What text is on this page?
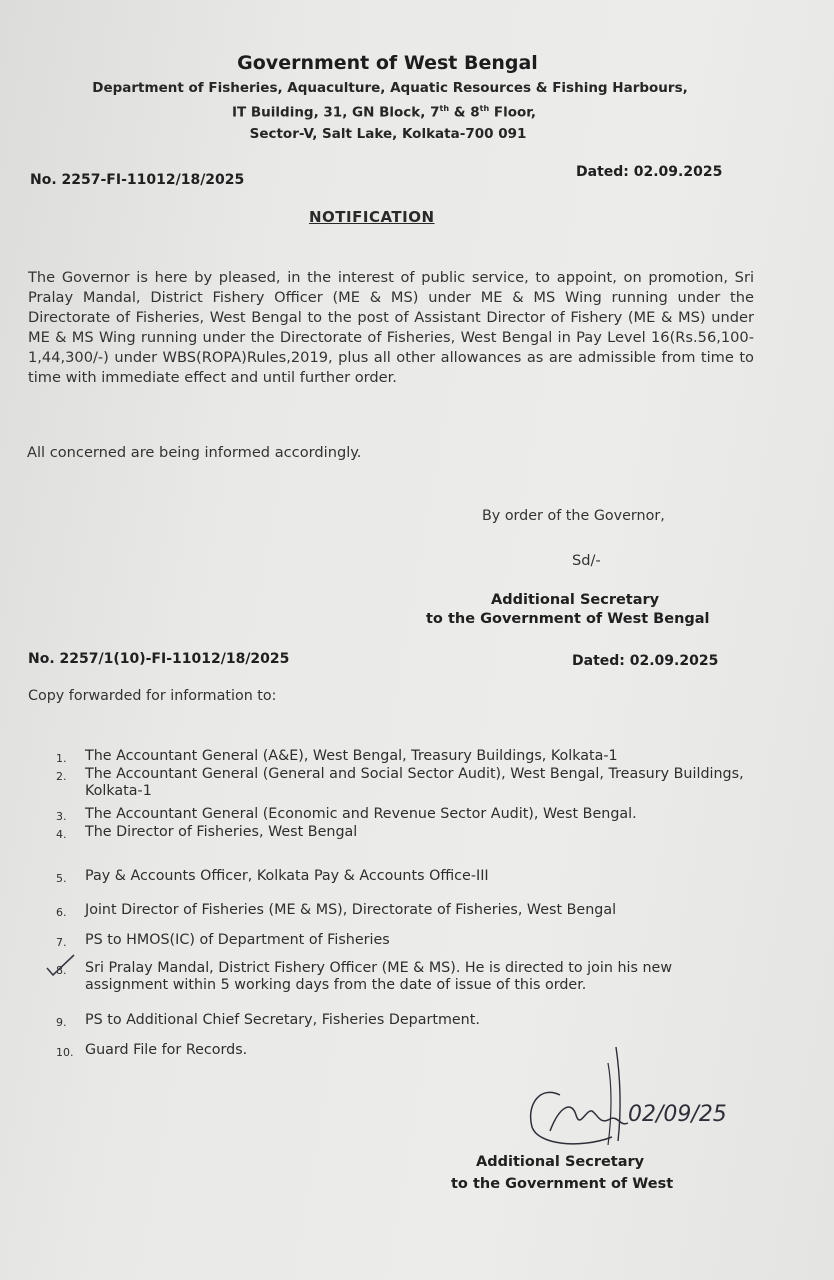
Government of West Bengal
Department of Fisheries, Aquaculture, Aquatic Resources & Fishing Harbours,
IT Building, 31, GN Block, 7th & 8th Floor,
Sector-V, Salt Lake, Kolkata-700 091
No. 2257-FI-11012/18/2025	Dated: 02.09.2025
NOTIFICATION
The Governor is here by pleased, in the interest of public service, to appoint, on promotion, Sri Pralay Mandal, District Fishery Officer (ME & MS) under ME & MS Wing running under the Directorate of Fisheries, West Bengal to the post of Assistant Director of Fishery (ME & MS) under ME & MS Wing running under the Directorate of Fisheries, West Bengal in Pay Level 16(Rs.56,100-1,44,300/-) under WBS(ROPA)Rules,2019, plus all other allowances as are admissible from time to time with immediate effect and until further order.
All concerned are being informed accordingly.
By order of the Governor,
Sd/-
Additional Secretary
to the Government of West Bengal
No. 2257/1(10)-FI-11012/18/2025	Dated: 02.09.2025
Copy forwarded for information to:
1.	The Accountant General (A&E), West Bengal, Treasury Buildings, Kolkata-1
2.	The Accountant General (General and Social Sector Audit), West Bengal, Treasury Buildings, Kolkata-1
3.	The Accountant General (Economic and Revenue Sector Audit), West Bengal.
4.	The Director of Fisheries, West Bengal
5.	Pay & Accounts Officer, Kolkata Pay & Accounts Office-III
6.	Joint Director of Fisheries (ME & MS), Directorate of Fisheries, West Bengal
7.	PS to HMOS(IC) of Department of Fisheries
8.	Sri Pralay Mandal, District Fishery Officer (ME & MS). He is directed to join his new assignment within 5 working days from the date of issue of this order.
9.	PS to Additional Chief Secretary, Fisheries Department.
10. Guard File for Records.
02/09/25
Additional Secretary
to the Government of West
